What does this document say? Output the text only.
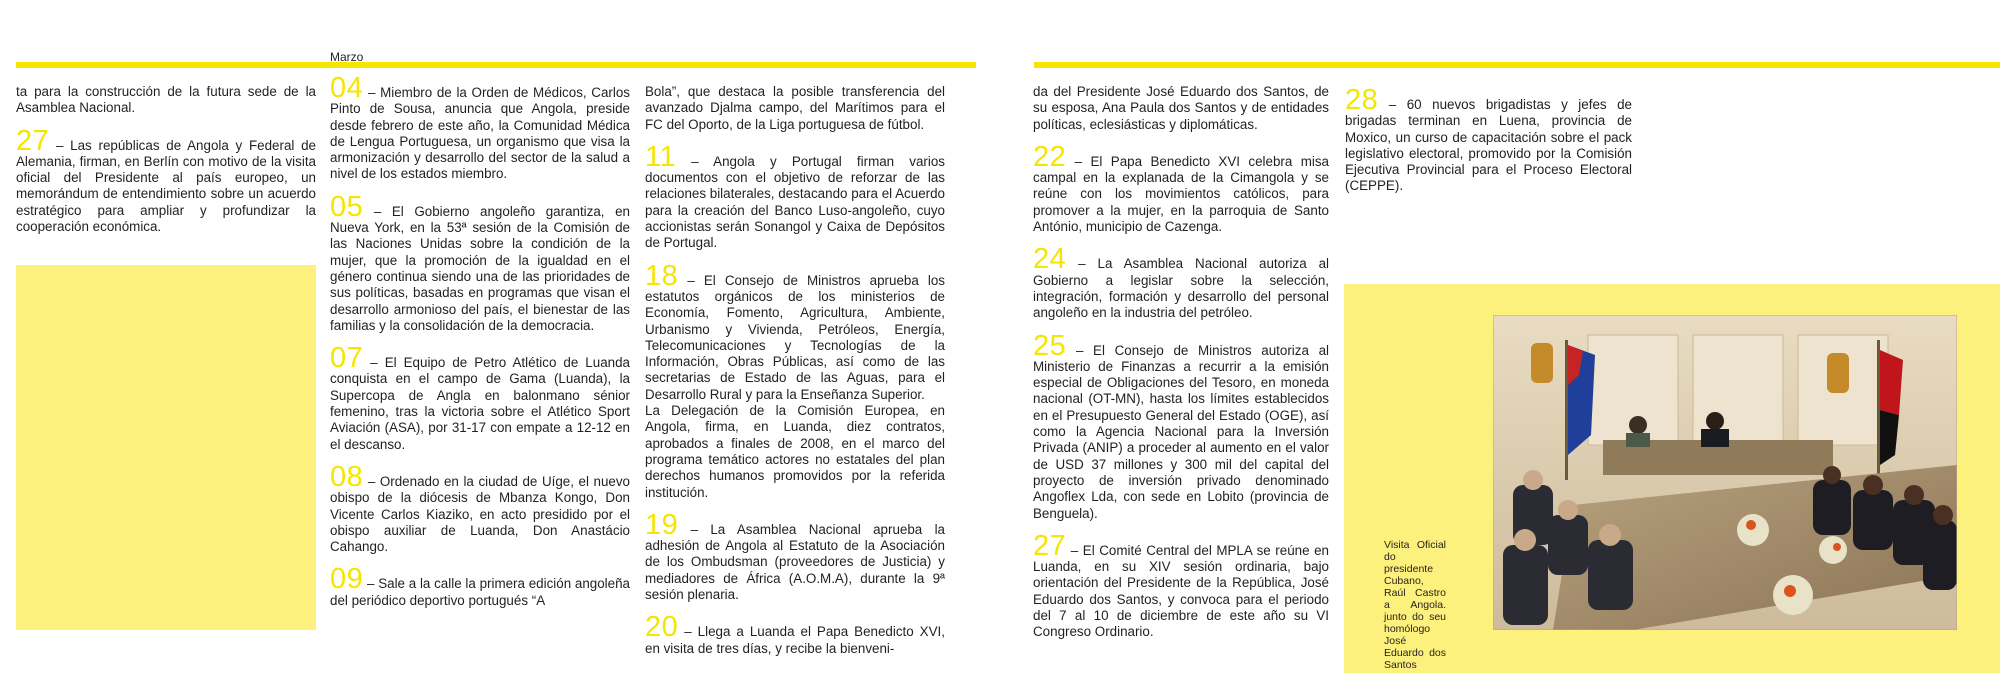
Marzo

ta para la construcción de la futura sede de la Asamblea Nacional.

27 – Las repúblicas de Angola y Federal de Alemania, firman, en Berlín con motivo de la visita oficial del Presidente al país europeo, un memorándum de entendimiento sobre un acuerdo estratégico para ampliar y profundizar la cooperación económica.

04 – Miembro de la Orden de Médicos, Carlos Pinto de Sousa, anuncia que Angola, preside desde febrero de este año, la Comunidad Médica de Lengua Portuguesa, un organismo que visa la armonización y desarrollo del sector de la salud a nivel de los estados miembro.

05 – El Gobierno angoleño garantiza, en Nueva York, en la 53ª sesión de la Comisión de las Naciones Unidas sobre la condición de la mujer, que la promoción de la igualdad en el género continua siendo una de las prioridades de sus políticas, basadas en programas que visan el desarrollo armonioso del país, el bienestar de las familias y la consolidación de la democracia.

07 – El Equipo de Petro Atlético de Luanda conquista en el campo de Gama (Luanda), la Supercopa de Angla en balonmano sénior femenino, tras la victoria sobre el Atlético Sport Aviación (ASA), por 31-17 con empate a 12-12 en el descanso.

08 – Ordenado en la ciudad de Uíge, el nuevo obispo de la diócesis de Mbanza Kongo, Don Vicente Carlos Kiaziko, en acto presidido por el obispo auxiliar de Luanda, Don Anastácio Cahango.

09 – Sale a la calle la primera edición angoleña del periódico deportivo portugués “A

Bola”, que destaca la posible transferencia del avanzado Djalma campo, del Marítimos para el FC del Oporto, de la Liga portuguesa de fútbol.

11 – Angola y Portugal firman varios documentos con el objetivo de reforzar de las relaciones bilaterales, destacando para el Acuerdo para la creación del Banco Luso-angoleño, cuyo accionistas serán Sonangol y Caixa de Depósitos de Portugal.

18 – El Consejo de Ministros aprueba los estatutos orgánicos de los ministerios de Economía, Fomento, Agricultura, Ambiente, Urbanismo y Vivienda, Petróleos, Energía, Telecomunicaciones y Tecnologías de la Información, Obras Públicas, así como de las secretarias de Estado de las Aguas, para el Desarrollo Rural y para la Enseñanza Superior.

La Delegación de la Comisión Europea, en Angola, firma, en Luanda, diez contratos, aprobados a finales de 2008, en el marco del programa temático actores no estatales del plan derechos humanos promovidos por la referida institución.

19 – La Asamblea Nacional aprueba la adhesión de Angola al Estatuto de la Asociación de los Ombudsman (proveedores de Justicia) y mediadores de África (A.O.M.A), durante la 9ª sesión plenaria.

20 – Llega a Luanda el Papa Benedicto XVI, en visita de tres días, y recibe la bienveni-

da del Presidente José Eduardo dos Santos, de su esposa, Ana Paula dos Santos y de entidades políticas, eclesiásticas y diplomáticas.

22 – El Papa Benedicto XVI celebra misa campal en la explanada de la Cimangola y se reúne con los movimientos católicos, para promover a la mujer, en la parroquia de Santo António, municipio de Cazenga.

24 – La Asamblea Nacional autoriza al Gobierno a legislar sobre la selección, integración, formación y desarrollo del personal angoleño en la industria del petróleo.

25 – El Consejo de Ministros autoriza al Ministerio de Finanzas a recurrir a la emisión especial de Obligaciones del Tesoro, en moneda nacional (OT-MN), hasta los límites establecidos en el Presupuesto General del Estado (OGE), así como la Agencia Nacional para la Inversión Privada (ANIP) a proceder al aumento en el valor de USD 37 millones y 300 mil del capital del proyecto de inversión privado denominado Angoflex Lda, con sede en Lobito (provincia de Benguela).

27 – El Comité Central del MPLA se reúne en Luanda, en su XIV sesión ordinaria, bajo orientación del Presidente de la República, José Eduardo dos Santos, y convoca para el periodo del 7 al 10 de diciembre de este año su VI Congreso Ordinario.

28 – 60 nuevos brigadistas y jefes de brigadas terminan en Luena, provincia de Moxico, un curso de capacitación sobre el pack legislativo electoral, promovido por la Comisión Ejecutiva Provincial para el Proceso Electoral (CEPPE).

Visita Oficial do presidente Cubano, Raúl Castro a Angola. junto do seu homólogo José Eduardo dos Santos
